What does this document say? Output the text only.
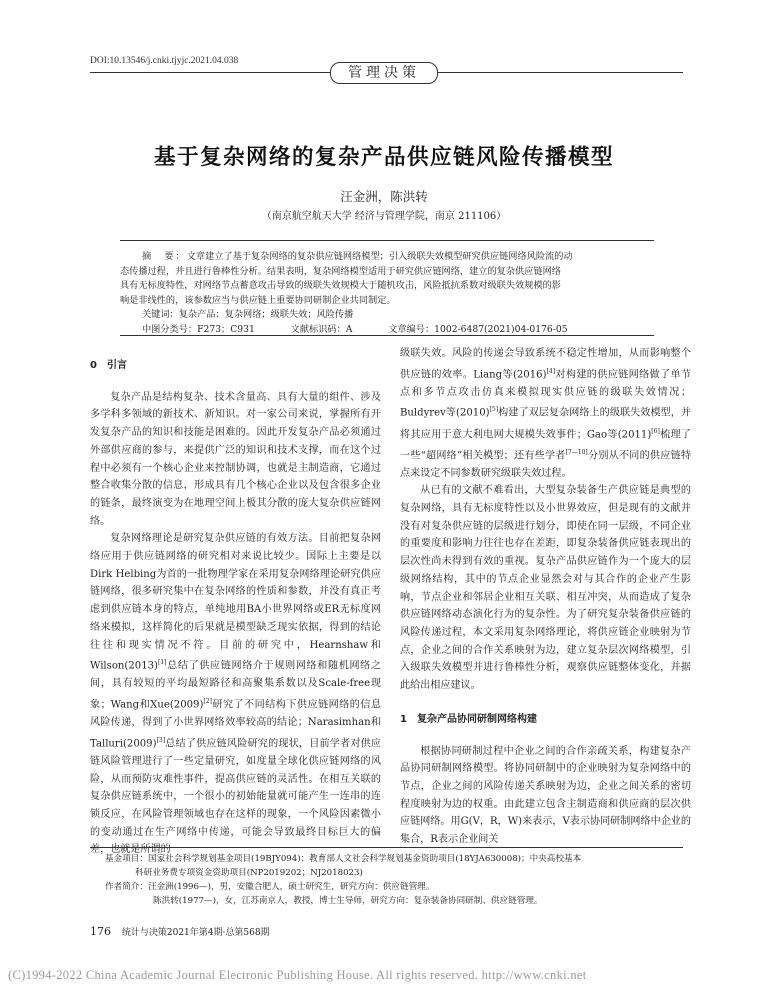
DOI:10.13546/j.cnki.tjyjc.2021.04.038
管理决策
基于复杂网络的复杂产品供应链风险传播模型
汪金洲，陈洪转
（南京航空航天大学 经济与管理学院，南京 211106）
摘　要：文章建立了基于复杂网络的复杂供应链网络模型；引入级联失效模型研究供应链网络风险流的动
态传播过程，并且进行鲁棒性分析。结果表明，复杂网络模型适用于研究供应链网络，建立的复杂供应链网络
具有无标度特性，对网络节点蓄意攻击导致的级联失效规模大于随机攻击，风险抵抗系数对级联失效规模的影
响是非线性的，该参数应当与供应链上重要协同研制企业共同制定。
关键词：复杂产品；复杂网络；级联失效；风险传播
中图分类号：F273；C931	文献标识码：A	文章编号：1002-6487(2021)04-0176-05
0　引言

复杂产品是结构复杂、技术含量高、具有大量的组件、涉及多学科多领域的新技术、新知识。对一家公司来说，掌握所有开发复杂产品的知识和技能是困难的。因此开发复杂产品必须通过外部供应商的参与，来提供广泛的知识和技术支撑，而在这个过程中必须有一个核心企业来控制协调，也就是主制造商，它通过整合收集分散的信息，形成具有几个核心企业以及包含很多企业的链条，最终演变为在地理空间上极其分散的庞大复杂供应链网络。

复杂网络理论是研究复杂供应链的有效方法。目前把复杂网络应用于供应链网络的研究相对来说比较少。国际上主要是以Dirk Helbing为首的一批物理学家在采用复杂网络理论研究供应链网络，很多研究集中在复杂网络的性质和参数，并没有真正考虑到供应链本身的特点，单纯地用BA小世界网络或ER无标度网络来模拟，这样简化的后果就是模型缺乏现实依据，得到的结论往往和现实情况不符。目前的研究中，Hearnshaw和Wilson(2013)[1]总结了供应链网络介于规则网络和随机网络之间，具有较短的平均最短路径和高聚集系数以及Scale-free现象；Wang和Xue(2009)[2]研究了不同结构下供应链网络的信息风险传递，得到了小世界网络效率较高的结论；Narasimhan和Talluri(2009)[3]总结了供应链风险研究的现状，目前学者对供应链风险管理进行了一些定量研究，如度量全球化供应链网络的风险，从而预防灾难性事件，提高供应链的灵活性。在相互关联的复杂供应链系统中，一个很小的初始能量就可能产生一连串的连锁反应，在风险管理领域也存在这样的现象，一个风险因素微小的变动通过在生产网络中传递，可能会导致最终目标巨大的偏差，也就是所谓的

级联失效。风险的传递会导致系统不稳定性增加，从而影响整个供应链的效率。Liang等(2016)[4]对构建的供应链网络做了单节点和多节点攻击仿真来模拟现实供应链的级联失效情况；Buldyrev等(2010)[5]构建了双层复杂网络上的级联失效模型，并将其应用于意大利电网大规模失效事件；Gao等(2011)[6]梳理了一些“超网络”相关模型；还有些学者[7—10]分别从不同的供应链特点来设定不同参数研究级联失效过程。

从已有的文献不难看出，大型复杂装备生产供应链是典型的复杂网络，具有无标度特性以及小世界效应，但是现有的文献并没有对复杂供应链的层级进行划分，即使在同一层级，不同企业的重要度和影响力往往也存在差距，即复杂装备供应链表现出的层次性尚未得到有效的重视。复杂产品供应链作为一个庞大的层级网络结构，其中的节点企业显然会对与其合作的企业产生影响，节点企业和邻居企业相互关联、相互冲突，从而造成了复杂供应链网络动态演化行为的复杂性。为了研究复杂装备供应链的风险传递过程，本文采用复杂网络理论，将供应链企业映射为节点，企业之间的合作关系映射为边，建立复杂层次网络模型，引入级联失效模型并进行鲁棒性分析，观察供应链整体变化，并据此给出相应建议。

1　复杂产品协同研制网络构建

根据协同研制过程中企业之间的合作亲疏关系，构建复杂产品协同研制网络模型。将协同研制中的企业映射为复杂网络中的节点，企业之间的风险传递关系映射为边，企业之间关系的密切程度映射为边的权重。由此建立包含主制造商和供应商的层次供应链网络。用G(V，R，W)来表示，V表示协同研制网络中企业的集合，R表示企业间关

基金项目：国家社会科学规划基金项目(19BJY094)；教育部人文社会科学规划基金资助项目(18YJA630008)；中央高校基本
科研业务费专项资金资助项目(NP2019202；NJ2018023)
作者简介：汪金洲(1996—)，男，安徽合肥人，硕士研究生，研究方向：供应链管理。
陈洪转(1977—)，女，江苏南京人，教授，博士生导师，研究方向：复杂装备协同研制、供应链管理。
176 统计与决策2021年第4期·总第568期
(C)1994-2022 China Academic Journal Electronic Publishing House. All rights reserved. http://www.cnki.net
